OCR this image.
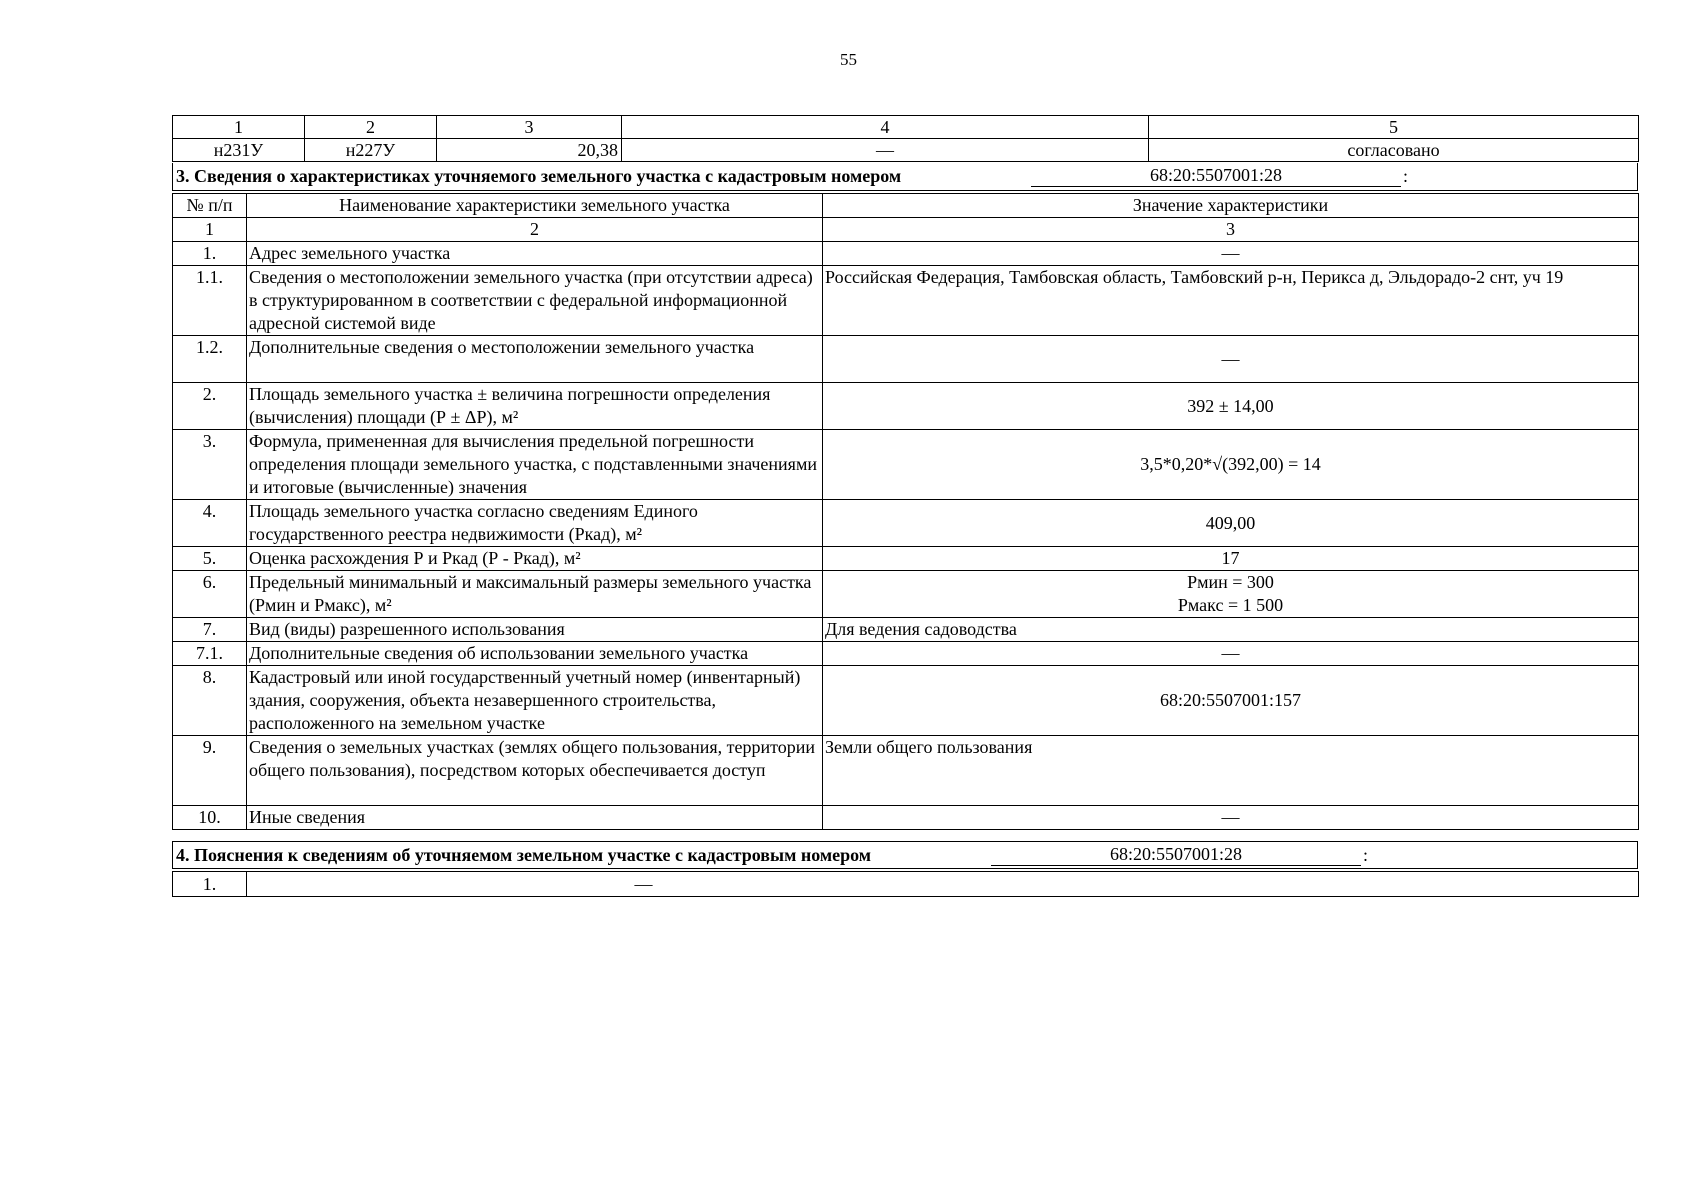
55
1	2	3	4	5
н231У	н227У	20,38	—	согласовано
3. Сведения о характеристиках уточняемого земельного участка с кадастровым номером	68:20:5507001:28	:
№ п/п	Наименование характеристики земельного участка	Значение характеристики
1	2	3
1.	Адрес земельного участка	—
1.1.	Сведения о местоположении земельного участка (при отсутствии адреса) в структурированном в соответствии с федеральной информационной адресной системой виде	Российская Федерация, Тамбовская область, Тамбовский р-н, Перикса д, Эльдорадо-2 снт, уч 19
1.2.	Дополнительные сведения о местоположении земельного участка	—
2.	Площадь земельного участка ± величина погрешности определения (вычисления) площади (Р ± ΔР), м²	392 ± 14,00
3.	Формула, примененная для вычисления предельной погрешности определения площади земельного участка, с подставленными значениями и итоговые (вычисленные) значения	3,5*0,20*√(392,00) = 14
4.	Площадь земельного участка согласно сведениям Единого государственного реестра недвижимости (Ркад), м²	409,00
5.	Оценка расхождения Р и Ркад (Р - Ркад), м²	17
6.	Предельный минимальный и максимальный размеры земельного участка (Рмин и Рмакс), м²	Рмин = 300
Рмакс = 1 500

7.	Вид (виды) разрешенного использования	Для ведения садоводства
7.1.	Дополнительные сведения об использовании земельного участка	—
8.	Кадастровый или иной государственный учетный номер (инвентарный) здания, сооружения, объекта незавершенного строительства, расположенного на земельном участке	68:20:5507001:157
9.	Сведения о земельных участках (землях общего пользования, территории общего пользования), посредством которых обеспечивается доступ	Земли общего пользования
10.	Иные сведения	—
4. Пояснения к сведениям об уточняемом земельном участке с кадастровым номером	68:20:5507001:28	:
1.	—
